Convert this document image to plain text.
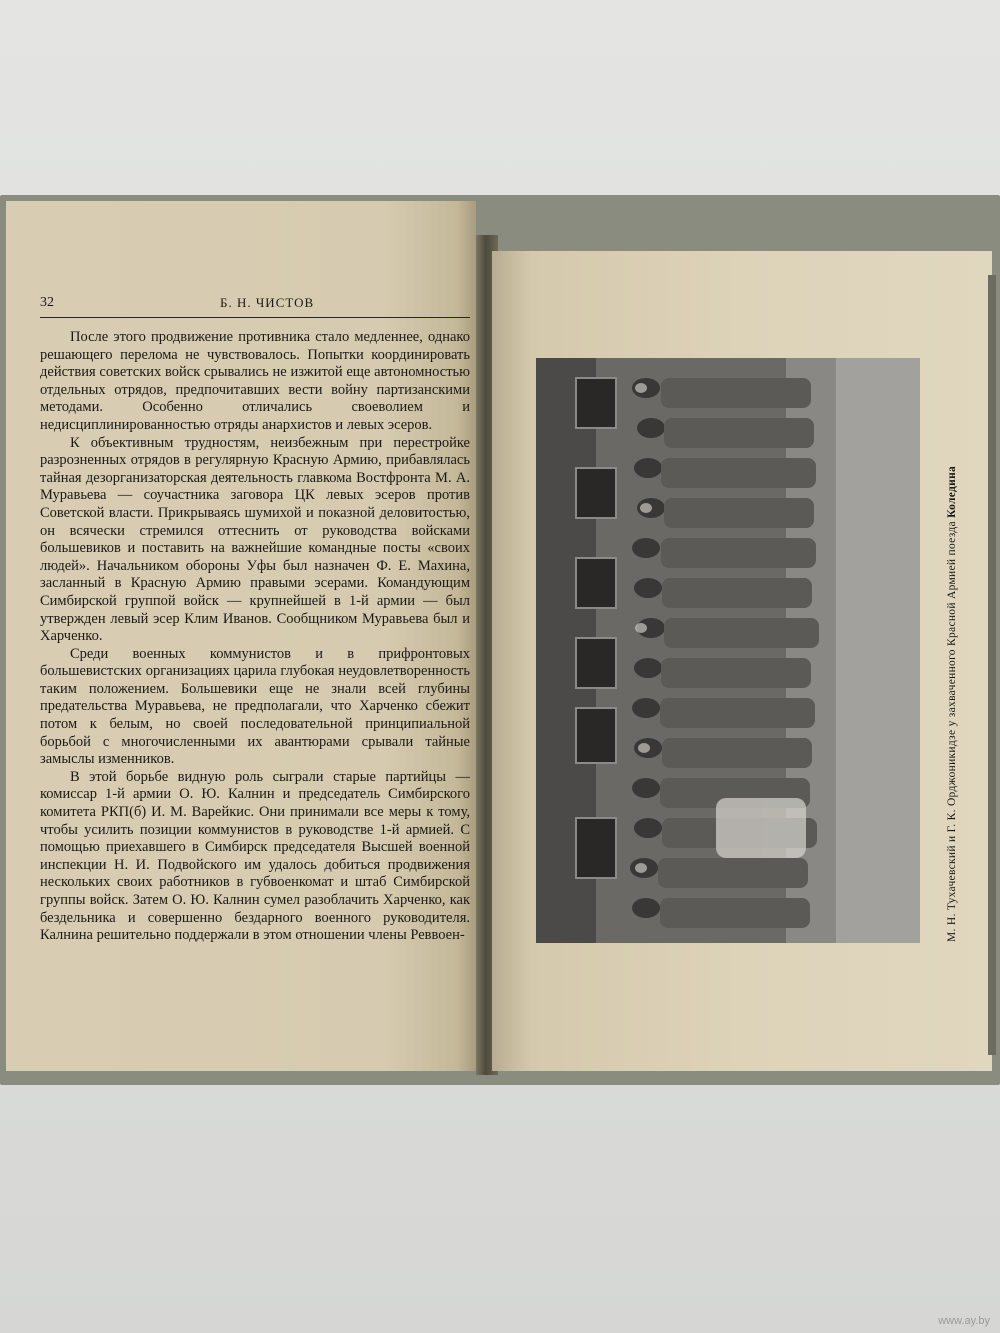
32	Б. Н. ЧИСТОВ

После этого продвижение противника стало медленнее, однако решающего перелома не чувствовалось. Попытки координировать действия советских войск срывались не изжитой еще автономностью отдельных отрядов, предпочитавших вести войну партизанскими методами. Особенно отличались своеволием и недисциплинированностью отряды анархистов и левых эсеров.

К объективным трудностям, неизбежным при перестройке разрозненных отрядов в регулярную Красную Армию, прибавлялась тайная дезорганизаторская деятельность главкома Востфронта М. А. Муравьева — соучастника заговора ЦК левых эсеров против Советской власти. Прикрываясь шумихой и показной деловитостью, он всячески стремился оттеснить от руководства войсками большевиков и поставить на важнейшие командные посты «своих людей». Начальником обороны Уфы был назначен Ф. Е. Махина, засланный в Красную Армию правыми эсерами. Командующим Симбирской группой войск — крупнейшей в 1-й армии — был утвержден левый эсер Клим Иванов. Сообщником Муравьева был и Харченко.

Среди военных коммунистов и в прифронтовых большевистских организациях царила глубокая неудовлетворенность таким положением. Большевики еще не знали всей глубины предательства Муравьева, не предполагали, что Харченко сбежит потом к белым, но своей последовательной принципиальной борьбой с многочисленными их авантюрами срывали тайные замыслы изменников.

В этой борьбе видную роль сыграли старые партийцы — комиссар 1-й армии О. Ю. Калнин и председатель Симбирского комитета РКП(б) И. М. Варейкис. Они принимали все меры к тому, чтобы усилить позиции коммунистов в руководстве 1-й армией. С помощью приехавшего в Симбирск председателя Высшей военной инспекции Н. И. Подвойского им удалось добиться продвижения нескольких своих работников в губвоенкомат и штаб Симбирской группы войск. Затем О. Ю. Калнин сумел разоблачить Харченко, как бездельника и совершенно бездарного военного руководителя. Калнина решительно поддержали в этом отношении члены Реввоен-	М. Н. Тухачевский и Г. К. Орджоникидзе у захваченного Красной Армией поезда Колединa
www.ay.by
